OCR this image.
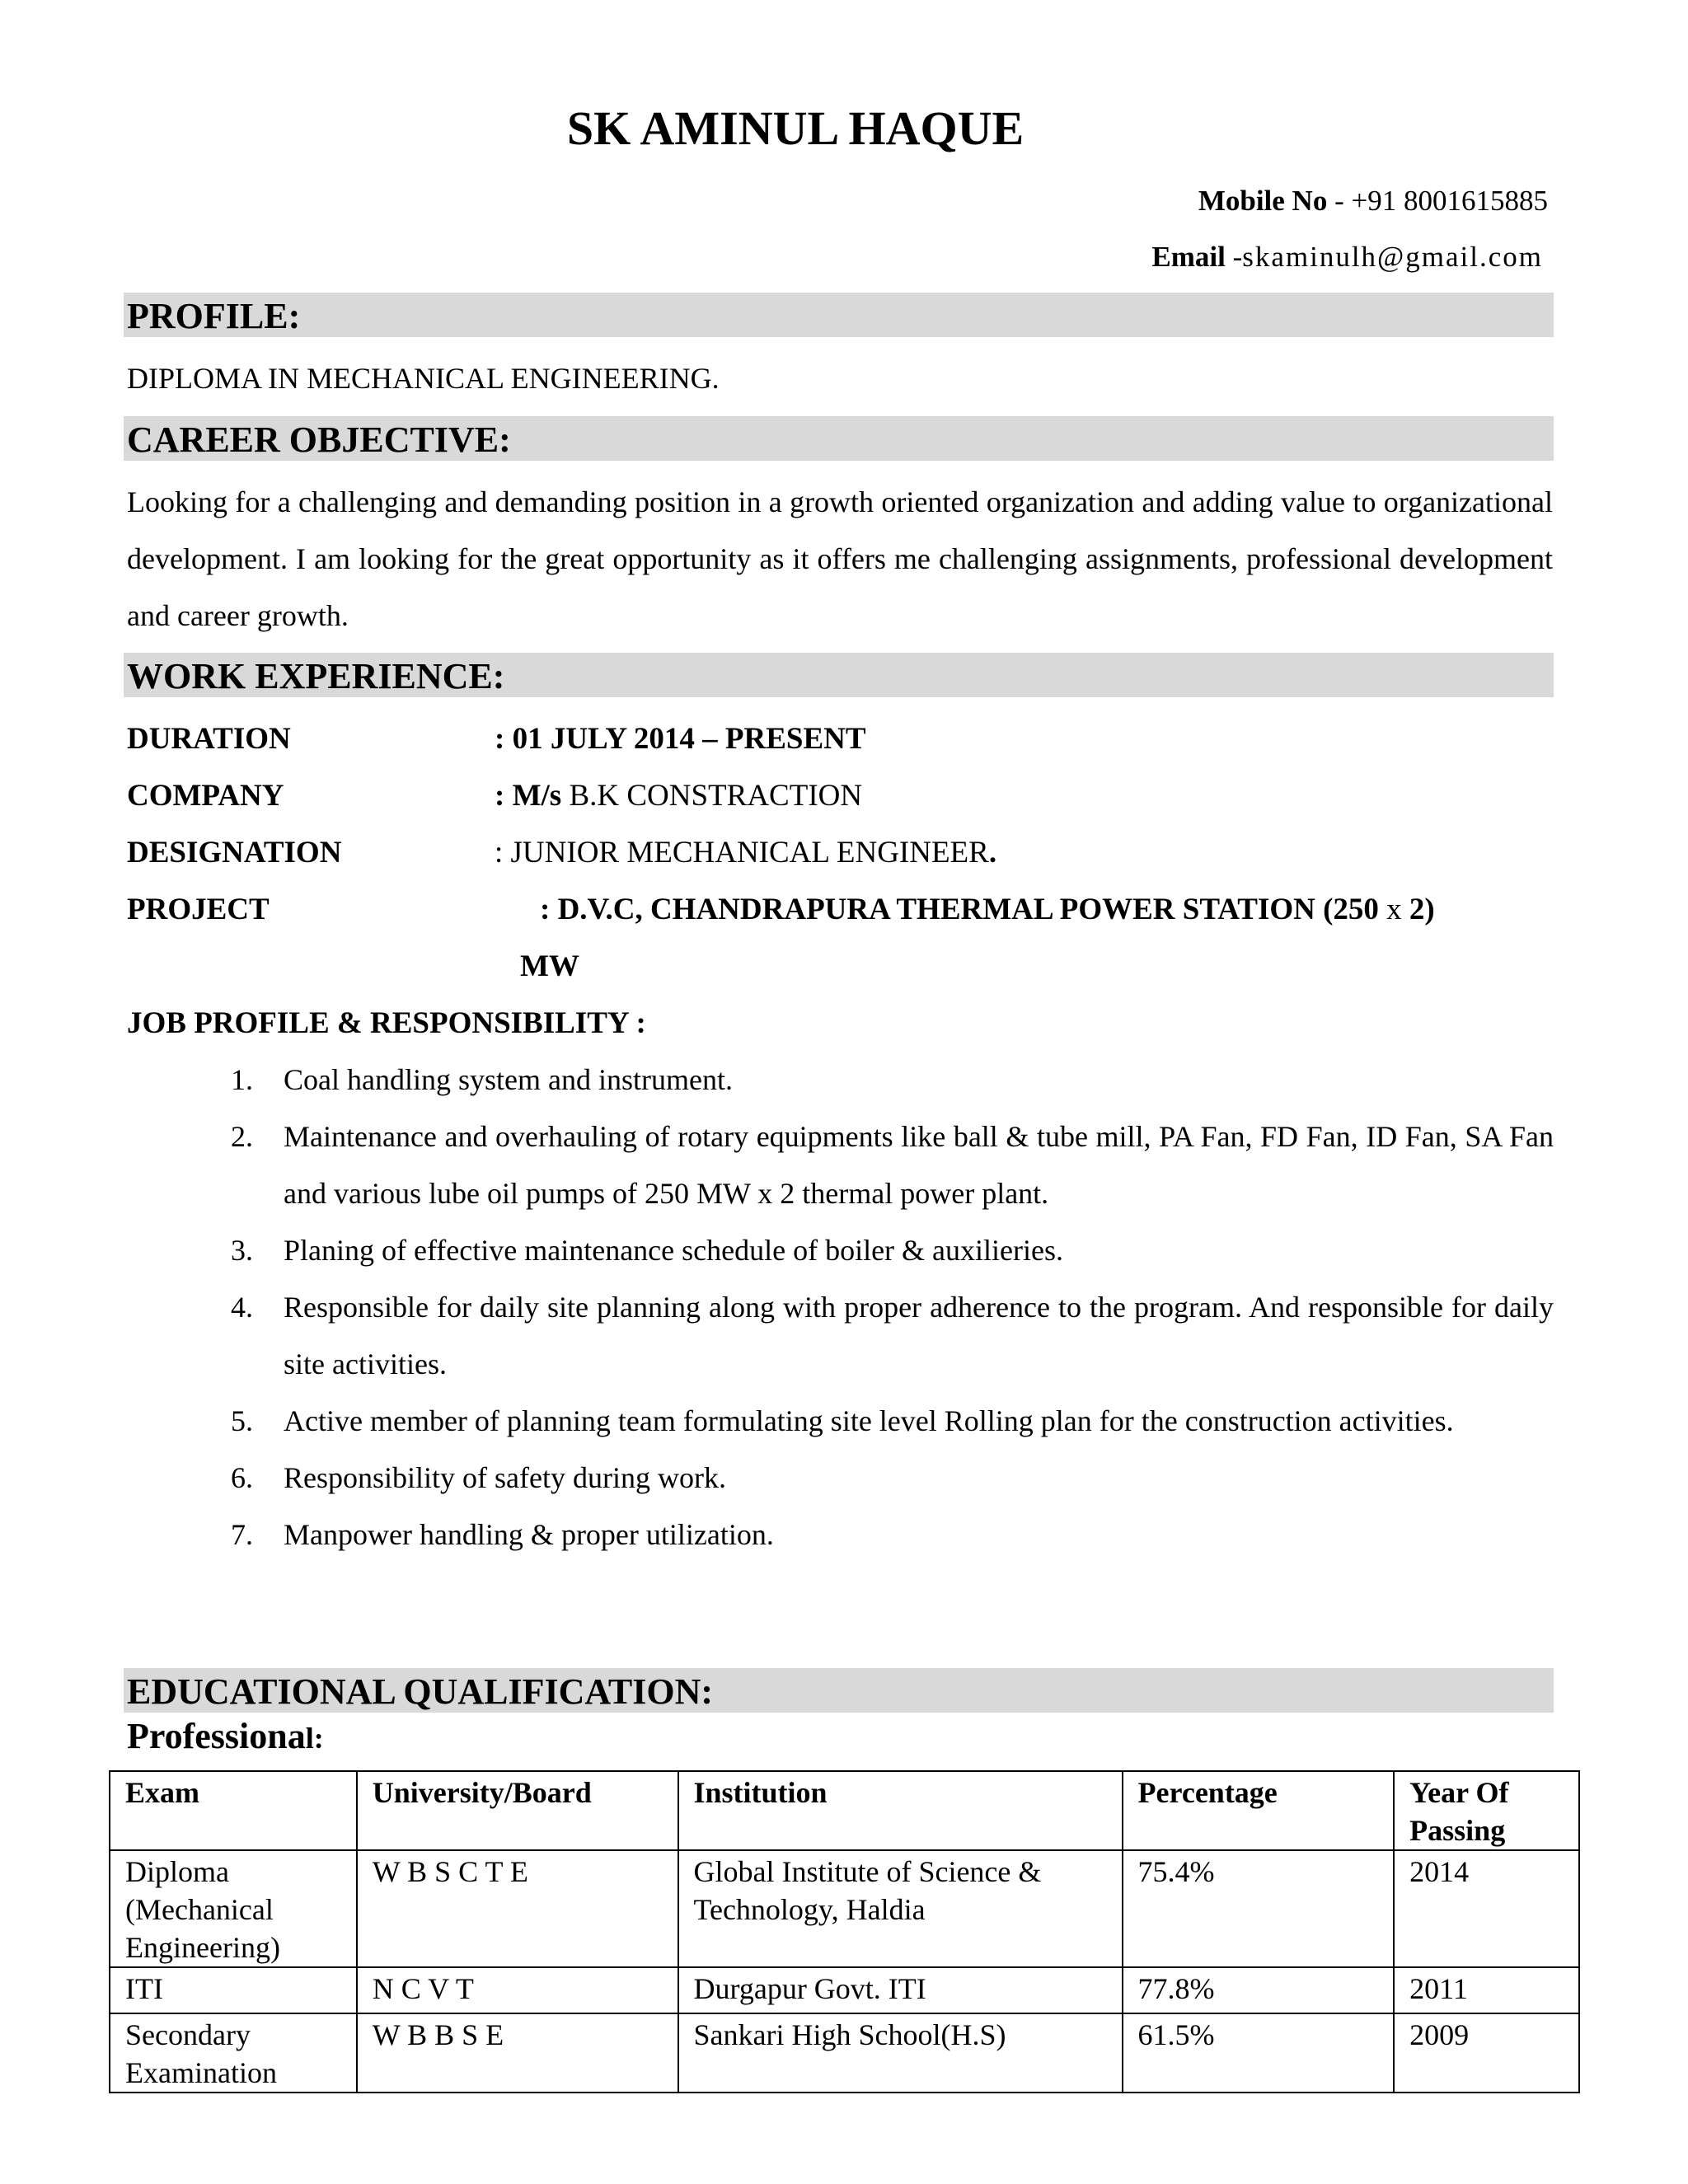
SK AMINUL HAQUE
Mobile No - +91 8001615885
Email -skaminulh@gmail.com
PROFILE:
DIPLOMA IN MECHANICAL ENGINEERING.
CAREER OBJECTIVE:
Looking for a challenging and demanding position in a growth oriented organization and adding value to organizational development. I am looking for the great opportunity as it offers me challenging assignments, professional development and career growth.
WORK EXPERIENCE:
DURATION	: 01 JULY 2014 – PRESENT
COMPANY	: M/s B.K CONSTRACTION
DESIGNATION	: JUNIOR MECHANICAL ENGINEER.
PROJECT	: D.V.C, CHANDRAPURA THERMAL POWER STATION (250 x 2)
MW
JOB PROFILE & RESPONSIBILITY :
1. Coal handling system and instrument.
2. Maintenance and overhauling of rotary equipments like ball & tube mill, PA Fan, FD Fan, ID Fan, SA Fan and various lube oil pumps of 250 MW x 2 thermal power plant.
3. Planing of effective maintenance schedule of boiler & auxilieries.
4. Responsible for daily site planning along with proper adherence to the program. And responsible for daily site activities.
5. Active member of planning team formulating site level Rolling plan for the construction activities.
6. Responsibility of safety during work.
7. Manpower handling & proper utilization.
EDUCATIONAL QUALIFICATION:
Professional:
Exam	University/Board	Institution	Percentage	Year Of Passing
Diploma (Mechanical Engineering)	W B S C T E	Global Institute of Science & Technology, Haldia	75.4%	2014
ITI	N C V T	Durgapur Govt. ITI	77.8%	2011
Secondary Examination	W B B S E	Sankari High School(H.S)	61.5%	2009
